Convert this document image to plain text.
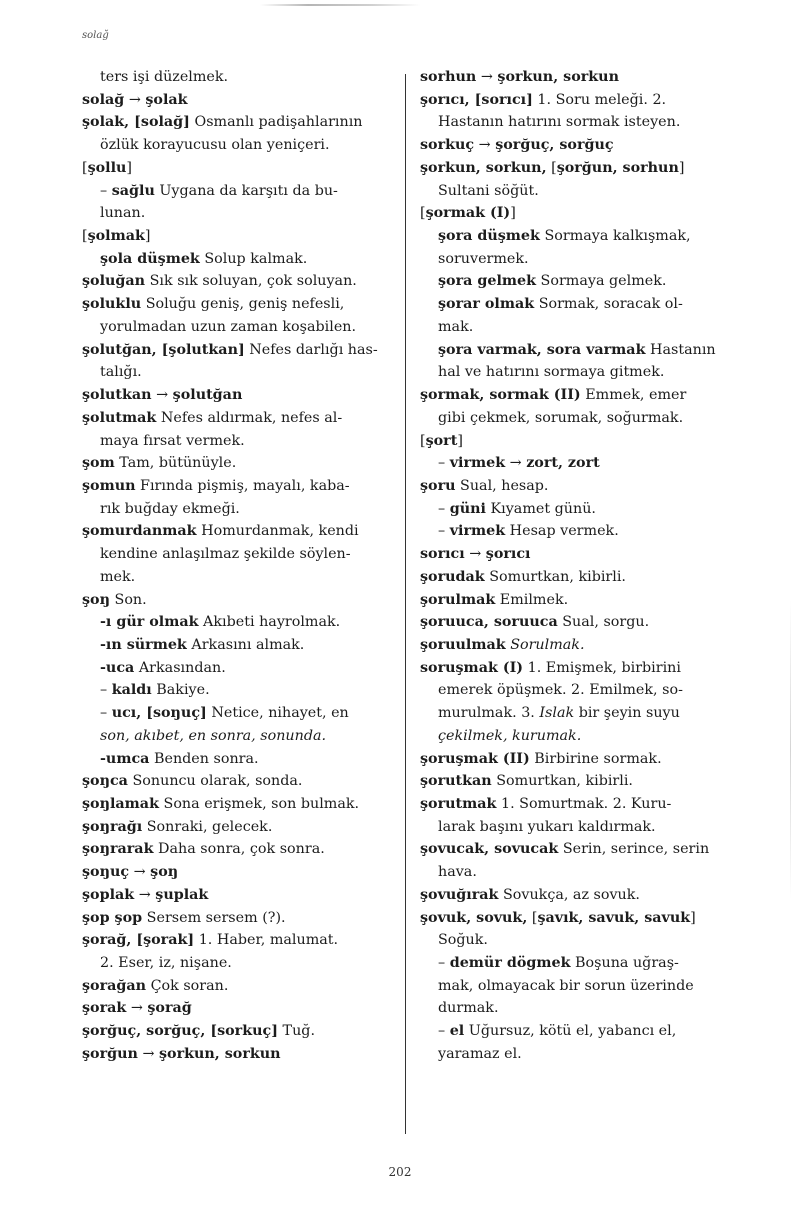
solağ
ters işi düzelmek.
solağ → şolak
şolak, [solağ] Osmanlı padişahlarının
özlük korayucusu olan yeniçeri.
[şollu]
– sağlu Uygana da karşıtı da bu-
lunan.
[şolmak]
şola düşmek Solup kalmak.
şoluğan Sık sık soluyan, çok soluyan.
şoluklu Soluğu geniş, geniş nefesli,
yorulmadan uzun zaman koşabilen.
şolutğan, [şolutkan] Nefes darlığı has-
talığı.
şolutkan → şolutğan
şolutmak Nefes aldırmak, nefes al-
maya fırsat vermek.
şom Tam, bütünüyle.
şomun Fırında pişmiş, mayalı, kaba-
rık buğday ekmeği.
şomurdanmak Homurdanmak, kendi
kendine anlaşılmaz şekilde söylen-
mek.
şoŋ Son.
-ı gür olmak Akıbeti hayrolmak.
-ın sürmek Arkasını almak.
-uca Arkasından.
– kaldı Bakiye.
– ucı, [soŋuç] Netice, nihayet, en
son, akıbet, en sonra, sonunda.
-umca Benden sonra.
şoŋca Sonuncu olarak, sonda.
şoŋlamak Sona erişmek, son bulmak.
şoŋrağı Sonraki, gelecek.
şoŋrarak Daha sonra, çok sonra.
şoŋuç → şoŋ
şoplak → şuplak
şop şop Sersem sersem (?).
şorağ, [şorak] 1. Haber, malumat.
2. Eser, iz, nişane.
şorağan Çok soran.
şorak → şorağ
şorğuç, sorğuç, [sorkuç] Tuğ.
şorğun → şorkun, sorkun
sorhun → şorkun, sorkun
şorıcı, [sorıcı] 1. Soru meleği. 2.
Hastanın hatırını sormak isteyen.
sorkuç → şorğuç, sorğuç
şorkun, sorkun, [şorğun, sorhun]
Sultani söğüt.
[şormak (I)]
şora düşmek Sormaya kalkışmak,
soruvermek.
şora gelmek Sormaya gelmek.
şorar olmak Sormak, soracak ol-
mak.
şora varmak, sora varmak Hastanın
hal ve hatırını sormaya gitmek.
şormak, sormak (II) Emmek, emer
gibi çekmek, sorumak, soğurmak.
[şort]
– virmek → zort, zort
şoru Sual, hesap.
– güni Kıyamet günü.
– virmek Hesap vermek.
sorıcı → şorıcı
şorudak Somurtkan, kibirli.
şorulmak Emilmek.
şoruuca, soruuca Sual, sorgu.
şoruulmak Sorulmak.
soruşmak (I) 1. Emişmek, birbirini
emerek öpüşmek. 2. Emilmek, so-
murulmak. 3. Islak bir şeyin suyu
çekilmek, kurumak.
şoruşmak (II) Birbirine sormak.
şorutkan Somurtkan, kibirli.
şorutmak 1. Somurtmak. 2. Kuru-
larak başını yukarı kaldırmak.
şovucak, sovucak Serin, serince, serin
hava.
şovuğırak Sovukça, az sovuk.
şovuk, sovuk, [şavık, savuk, savuk]
Soğuk.
– demür dögmek Boşuna uğraş-
mak, olmayacak bir sorun üzerinde
durmak.
– el Uğursuz, kötü el, yabancı el,
yaramaz el.
202
